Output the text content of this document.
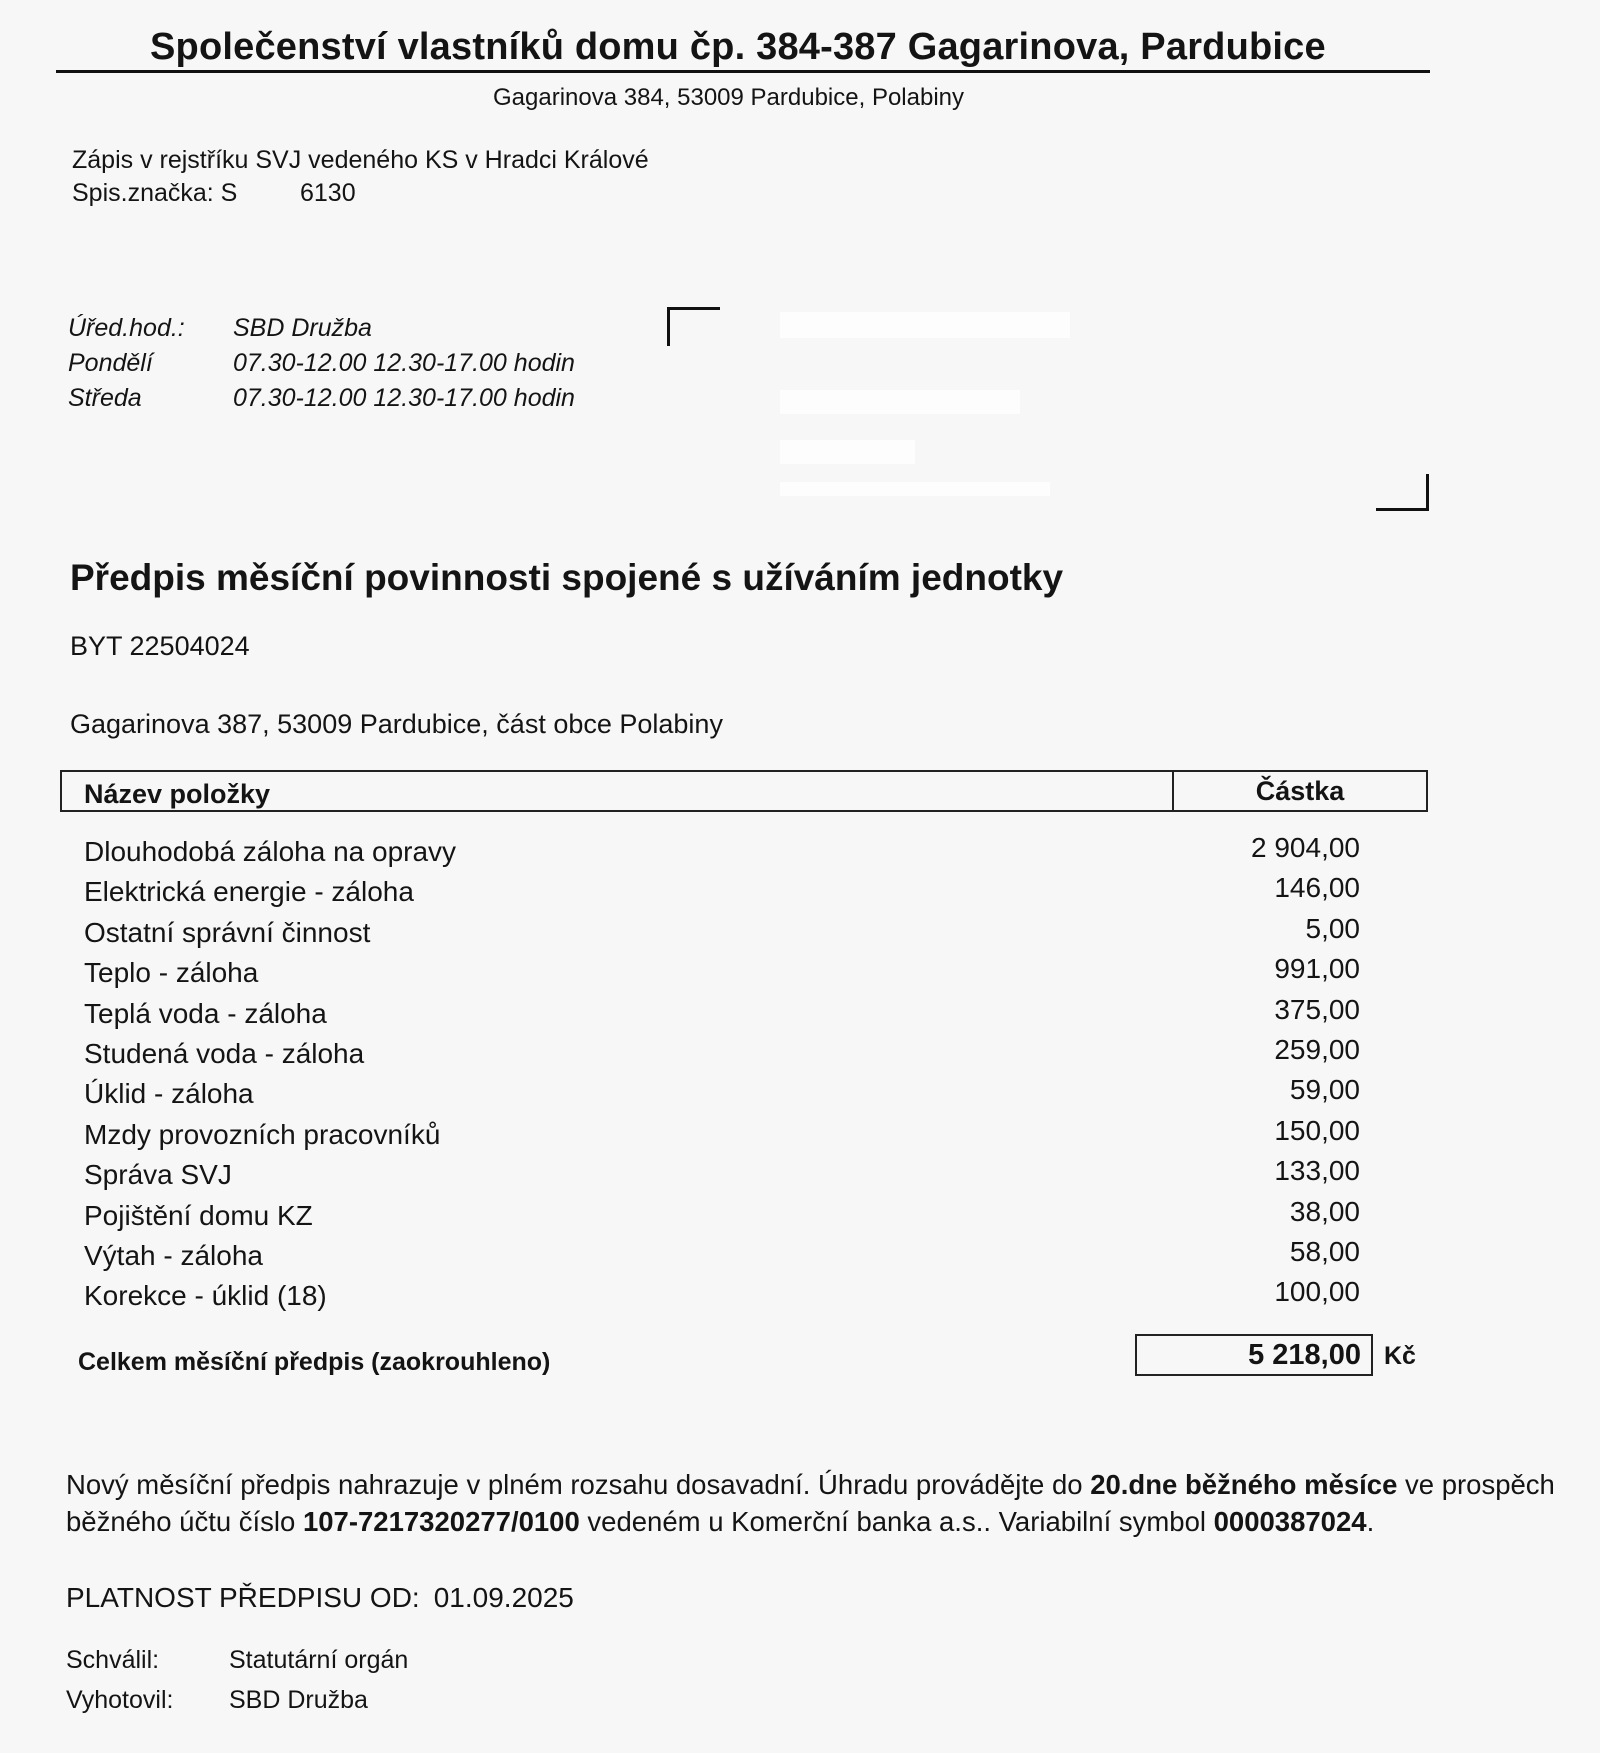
Společenství vlastníků domu čp. 384-387 Gagarinova, Pardubice
Gagarinova 384, 53009 Pardubice, Polabiny
Zápis v rejstříku SVJ vedeného KS v Hradci Králové
Spis.značka: S	6130
Úřed.hod.: SBD Družba
Pondělí	07.30-12.00 12.30-17.00 hodin
Středa	07.30-12.00 12.30-17.00 hodin
Předpis měsíční povinnosti spojené s užíváním jednotky
BYT 22504024
Gagarinova 387, 53009 Pardubice, část obce Polabiny
Název položky	Částka
Dlouhodobá záloha na opravy	2 904,00
Elektrická energie - záloha	146,00
Ostatní správní činnost	5,00
Teplo - záloha	991,00
Teplá voda - záloha	375,00
Studená voda - záloha	259,00
Úklid - záloha	59,00
Mzdy provozních pracovníků	150,00
Správa SVJ	133,00
Pojištění domu KZ	38,00
Výtah - záloha	58,00
Korekce - úklid (18)	100,00
Celkem měsíční předpis (zaokrouhleno)	5 218,00 Kč
Nový měsíční předpis nahrazuje v plném rozsahu dosavadní. Úhradu provádějte do 20.dne běžného měsíce ve prospěch běžného účtu číslo 107-7217320277/0100 vedeném u Komerční banka a.s.. Variabilní symbol 0000387024.
PLATNOST PŘEDPISU OD: 01.09.2025
Schválil:	Statutární orgán
Vyhotovil: SBD Družba
